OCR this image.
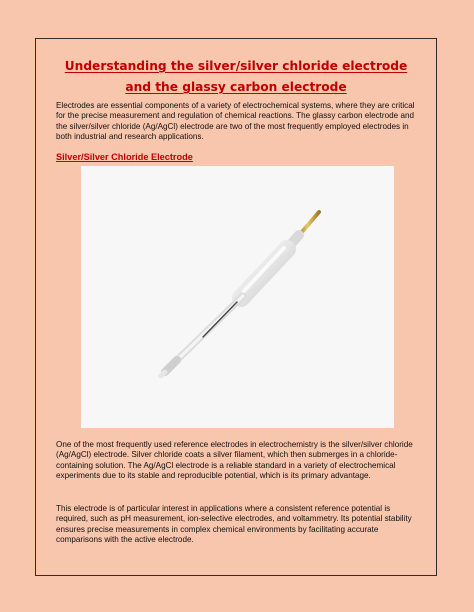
Understanding the silver/silver chloride electrode and the glassy carbon electrode

Electrodes are essential components of a variety of electrochemical systems, where they are critical for the precise measurement and regulation of chemical reactions. The glassy carbon electrode and the silver/silver chloride (Ag/AgCl) electrode are two of the most frequently employed electrodes in both industrial and research applications.

Silver/Silver Chloride Electrode

One of the most frequently used reference electrodes in electrochemistry is the silver/silver chloride (Ag/AgCl) electrode. Silver chloride coats a silver filament, which then submerges in a chloride-containing solution. The Ag/AgCl electrode is a reliable standard in a variety of electrochemical experiments due to its stable and reproducible potential, which is its primary advantage.

This electrode is of particular interest in applications where a consistent reference potential is required, such as pH measurement, ion-selective electrodes, and voltammetry. Its potential stability ensures precise measurements in complex chemical environments by facilitating accurate comparisons with the active electrode.
